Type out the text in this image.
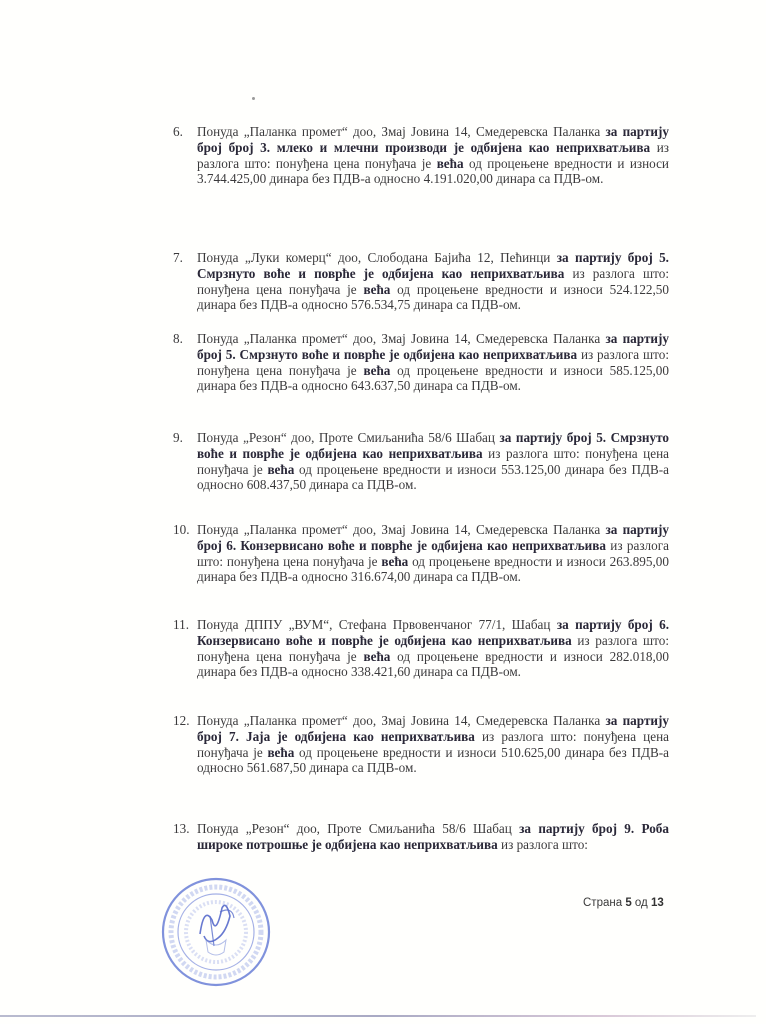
6.	Понуда „Паланка промет“ доо, Змај Јовина 14, Смедеревска Паланка за партију број број 3. млеко и млечни производи је одбијена као неприхватљива из разлога што: понуђена цена понуђача је већа од процењене вредности и износи 3.744.425,00 динара без ПДВ-а односно 4.191.020,00 динара са ПДВ-ом.
7.	Понуда „Луки комерц“ доо, Слободана Бајића 12, Пећинци за партију број 5. Смрзнуто воће и поврће је одбијена као неприхватљива из разлога што: понуђена цена понуђача је већа од процењене вредности и износи 524.122,50 динара без ПДВ-а односно 576.534,75 динара са ПДВ-ом.
8.	Понуда „Паланка промет“ доо, Змај Јовина 14, Смедеревска Паланка за партију број 5. Смрзнуто воће и поврће је одбијена као неприхватљива из разлога што: понуђена цена понуђача је већа од процењене вредности и износи 585.125,00 динара без ПДВ-а односно 643.637,50 динара са ПДВ-ом.
9.	Понуда „Резон“ доо, Проте Смиљанића 58/6 Шабац за партију број 5. Смрзнуто воће и поврће је одбијена као неприхватљива из разлога што: понуђена цена понуђача је већа од процењене вредности и износи 553.125,00 динара без ПДВ-а односно 608.437,50 динара са ПДВ-ом.
10. Понуда „Паланка промет“ доо, Змај Јовина 14, Смедеревска Паланка за партију број 6. Конзервисано воће и поврће је одбијена као неприхватљива из разлога што: понуђена цена понуђача је већа од процењене вредности и износи 263.895,00 динара без ПДВ-а односно 316.674,00 динара са ПДВ-ом.
11. Понуда ДППУ „ВУМ“, Стефана Првовенчаног 77/1, Шабац за партију број 6. Конзервисано воће и поврће је одбијена као неприхватљива из разлога што: понуђена цена понуђача је већа од процењене вредности и износи 282.018,00 динара без ПДВ-а односно 338.421,60 динара са ПДВ-ом.
12. Понуда „Паланка промет“ доо, Змај Јовина 14, Смедеревска Паланка за партију број 7. Јаја је одбијена као неприхватљива из разлога што: понуђена цена понуђача је већа од процењене вредности и износи 510.625,00 динара без ПДВ-а односно 561.687,50 динара са ПДВ-ом.
13. Понуда „Резон“ доо, Проте Смиљанића 58/6 Шабац за партију број 9. Роба широке потрошње је одбијена као неприхватљива из разлога што:
Страна 5 од 13
